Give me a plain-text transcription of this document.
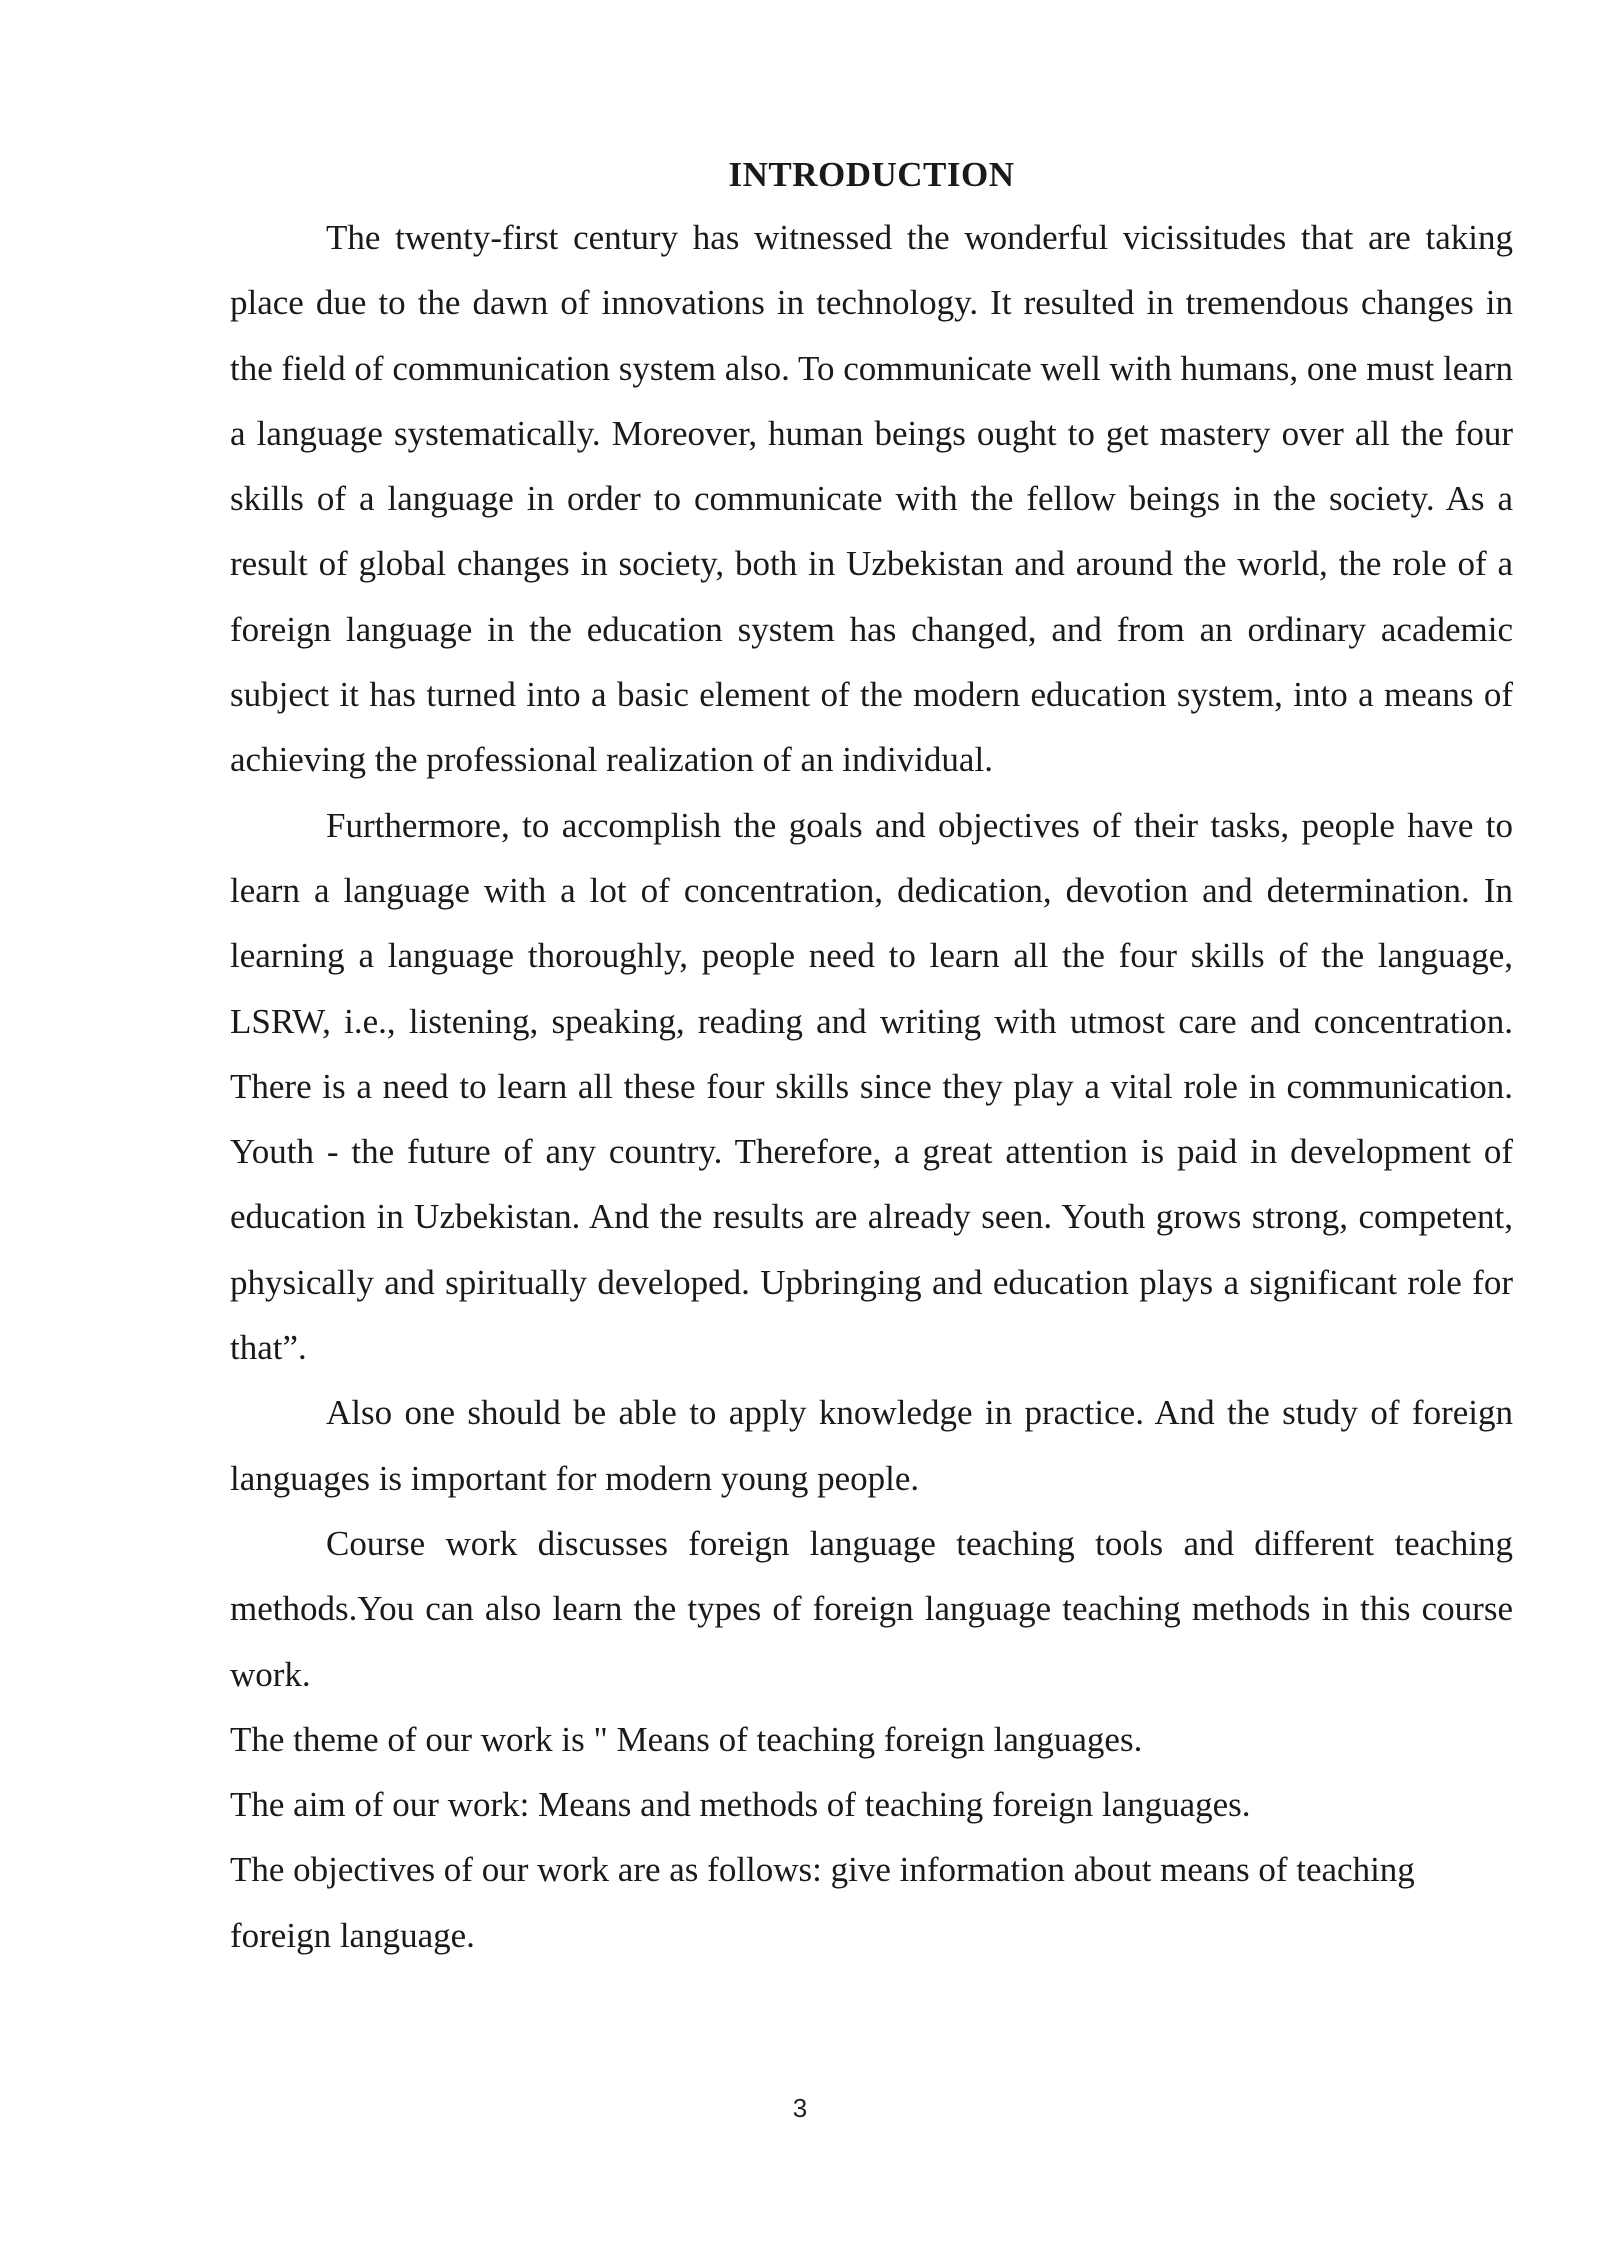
INTRODUCTION

The twenty-first century has witnessed the wonderful vicissitudes that are taking place due to the dawn of innovations in technology. It resulted in tremendous changes in the field of communication system also. To communicate well with humans, one must learn a language systematically. Moreover, human beings ought to get mastery over all the four skills of a language in order to communicate with the fellow beings in the society. As a result of global changes in society, both in Uzbekistan and around the world, the role of a foreign language in the education system has changed, and from an ordinary academic subject it has turned into a basic element of the modern education system, into a means of achieving the professional realization of an individual.

Furthermore, to accomplish the goals and objectives of their tasks, people have to learn a language with a lot of concentration, dedication, devotion and determination. In learning a language thoroughly, people need to learn all the four skills of the language, LSRW, i.e., listening, speaking, reading and writing with utmost care and concentration. There is a need to learn all these four skills since they play a vital role in communication. Youth - the future of any country. Therefore, a great attention is paid in development of education in Uzbekistan. And the results are already seen. Youth grows strong, competent, physically and spiritually developed. Upbringing and education plays a significant role for that”.

Also one should be able to apply knowledge in practice. And the study of foreign languages is important for modern young people.

Course work discusses foreign language teaching tools and different teaching methods.You can also learn the types of foreign language teaching methods in this course work.

The theme of our work is " Means of teaching foreign languages.

The aim of our work: Means and methods of teaching foreign languages.

The objectives of our work are as follows: give information about means of teaching foreign language.

3
